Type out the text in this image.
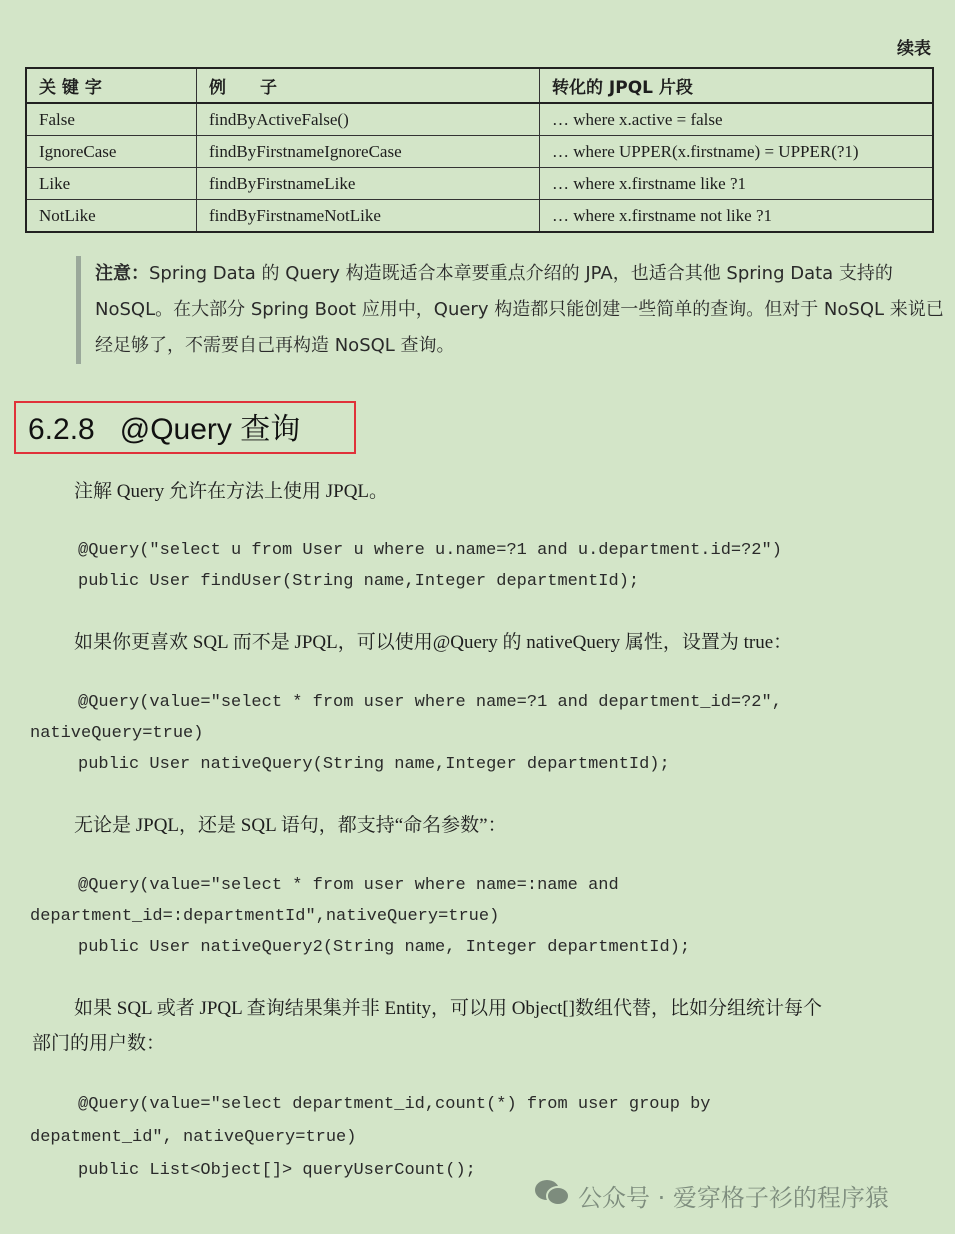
续表
关 键 字	例　　子	转化的 JPQL 片段
False	findByActiveFalse()	… where x.active = false
IgnoreCase	findByFirstnameIgnoreCase	… where UPPER(x.firstname) = UPPER(?1)
Like	findByFirstnameLike	… where x.firstname like ?1
NotLike	findByFirstnameNotLike	… where x.firstname not like ?1
注意：Spring Data 的 Query 构造既适合本章要重点介绍的 JPA，也适合其他 Spring Data 支持的 NoSQL。在大部分 Spring Boot 应用中，Query 构造都只能创建一些简单的查询。但对于 NoSQL 来说已经足够了，不需要自己再构造 NoSQL 查询。
6.2.8 @Query 查询
注解 Query 允许在方法上使用 JPQL。
@Query("select u from User u where u.name=?1 and u.department.id=?2")
public User findUser(String name,Integer departmentId);
如果你更喜欢 SQL 而不是 JPQL，可以使用@Query 的 nativeQuery 属性，设置为 true：
@Query(value="select * from user where name=?1 and department_id=?2",
nativeQuery=true)
public User nativeQuery(String name,Integer departmentId);
无论是 JPQL，还是 SQL 语句，都支持“命名参数”：
@Query(value="select * from user where name=:name and
department_id=:departmentId",nativeQuery=true)
public User nativeQuery2(String name, Integer departmentId);
如果 SQL 或者 JPQL 查询结果集并非 Entity，可以用 Object[]数组代替，比如分组统计每个
部门的用户数：
@Query(value="select department_id,count(*) from user group by
depatment_id", nativeQuery=true)
public List<Object[]> queryUserCount();
公众号 · 爱穿格子衫的程序猿
